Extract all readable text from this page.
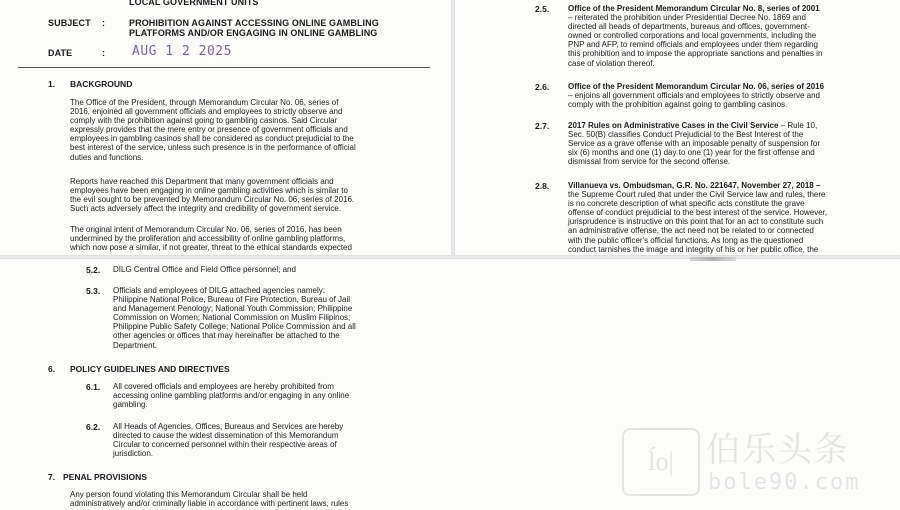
LOCAL GOVERNMENT UNITS
SUBJECT :	PROHIBITION AGAINST ACCESSING ONLINE GAMBLING
PLATFORMS AND/OR ENGAGING IN ONLINE GAMBLING
DATE	: AUG 1 2 2025
1. BACKGROUND
The Office of the President, through Memorandum Circular No. 06, series of
2016, enjoined all government officials and employees to strictly observe and
comply with the prohibition against going to gambling casinos. Said Circular
expressly provides that the mere entry or presence of government officials and
employees in gambling casinos shall be considered as conduct prejudicial to the
best interest of the service, unless such presence is in the performance of official
duties and functions.
Reports have reached this Department that many government officials and
employees have been engaging in online gambling activities which is similar to
the evil sought to be prevented by Memorandum Circular No. 06, series of 2016.
Such acts adversely affect the integrity and credibility of government service.
The original intent of Memorandum Circular No. 06, series of 2016, has been
undermined by the proliferation and accessibility of online gambling platforms,
which now pose a similar, if not greater, threat to the ethical standards expected
2.5. Office of the President Memorandum Circular No. 8, series of 2001
– reiterated the prohibition under Presidential Decree No. 1869 and
directed all heads of departments, bureaus and offices, government-
owned or controlled corporations and local governments, including the
PNP and AFP, to remind officials and employees under them regarding
this prohibition and to impose the appropriate sanctions and penalties in
case of violation thereof.
2.6. Office of the President Memorandum Circular No. 06, series of 2016
– enjoins all government officials and employees to strictly observe and
comply with the prohibition against going to gambling casinos.
2.7. 2017 Rules on Administrative Cases in the Civil Service – Rule 10,
Sec. 50(B) classifies Conduct Prejudicial to the Best Interest of the
Service as a grave offense with an imposable penalty of suspension for
six (6) months and one (1) day to one (1) year for the first offense and
dismissal from service for the second offense.
2.8. Villanueva vs. Ombudsman, G.R. No. 221647, November 27, 2018 –
the Supreme Court ruled that under the Civil Service law and rules, there
is no concrete description of what specific acts constitute the grave
offense of conduct prejudicial to the best interest of the service. However,
jurisprudence is instructive on this point that for an act to constitute such
an administrative offense, the act need not be related to or connected
with the public officer's official functions. As long as the questioned
conduct tarnishes the image and integrity of his or her public office, the
5.2. DILG Central Office and Field Office personnel; and
5.3. Officials and employees of DILG attached agencies namely:
Philippine National Police, Bureau of Fire Protection, Bureau of Jail
and Management Penology; National Youth Commission; Philippine
Commission on Women; National Commission on Muslim Filipinos;
Philippine Public Safety College; National Police Commission and all
other agencies or offices that may hereinafter be attached to the
Department.
6. POLICY GUIDELINES AND DIRECTIVES
6.1. All covered officials and employees are hereby prohibited from
accessing online gambling platforms and/or engaging in any online
gambling.
6.2. All Heads of Agencies, Offices, Bureaus and Services are hereby
directed to cause the widest dissemination of this Memorandum
Circular to concerned personnel within their respective areas of
jurisdiction.
7. PENAL PROVISIONS
Any person found violating this Memorandum Circular shall be held
administratively and/or criminally liable in accordance with pertinent laws, rules
ĺo| 伯乐头条
bole90.com
